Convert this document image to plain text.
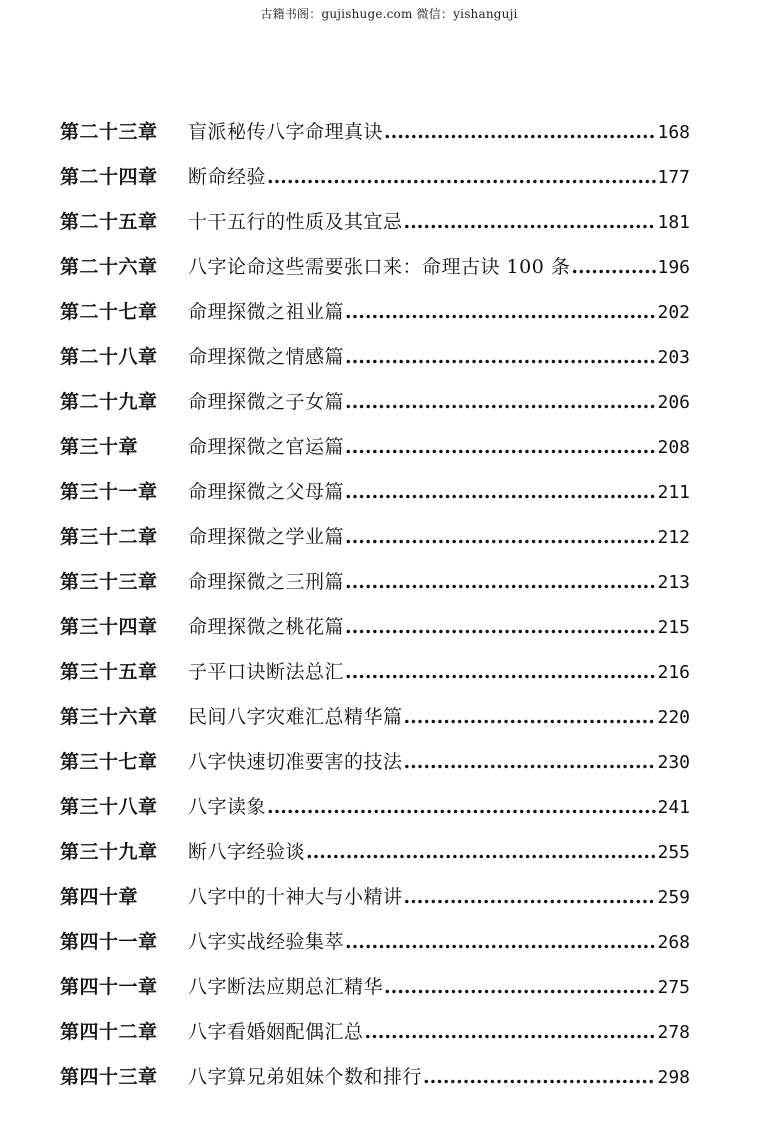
古籍书阁：gujishuge.com 微信：yishanguji
第二十三章	盲派秘传八字命理真诀 .....	168
第二十四章	断命经验 .....	177
第二十五章	十干五行的性质及其宜忌 .....	181
第二十六章	八字论命这些需要张口来：命理古诀 100 条 .....	196
第二十七章	命理探微之祖业篇 .....	202
第二十八章	命理探微之情感篇 .....	203
第二十九章	命理探微之子女篇 .....	206
第三十章	命理探微之官运篇 .....	208
第三十一章	命理探微之父母篇 .....	211
第三十二章	命理探微之学业篇 .....	212
第三十三章	命理探微之三刑篇 .....	213
第三十四章	命理探微之桃花篇 .....	215
第三十五章	子平口诀断法总汇 .....	216
第三十六章	民间八字灾难汇总精华篇 .....	220
第三十七章	八字快速切准要害的技法 .....	230
第三十八章	八字读象 .....	241
第三十九章	断八字经验谈 .....	255
第四十章	八字中的十神大与小精讲 .....	259
第四十一章	八字实战经验集萃 .....	268
第四十一章	八字断法应期总汇精华 .....	275
第四十二章	八字看婚姻配偶汇总 .....	278
第四十三章	八字算兄弟姐妹个数和排行 .....	298
